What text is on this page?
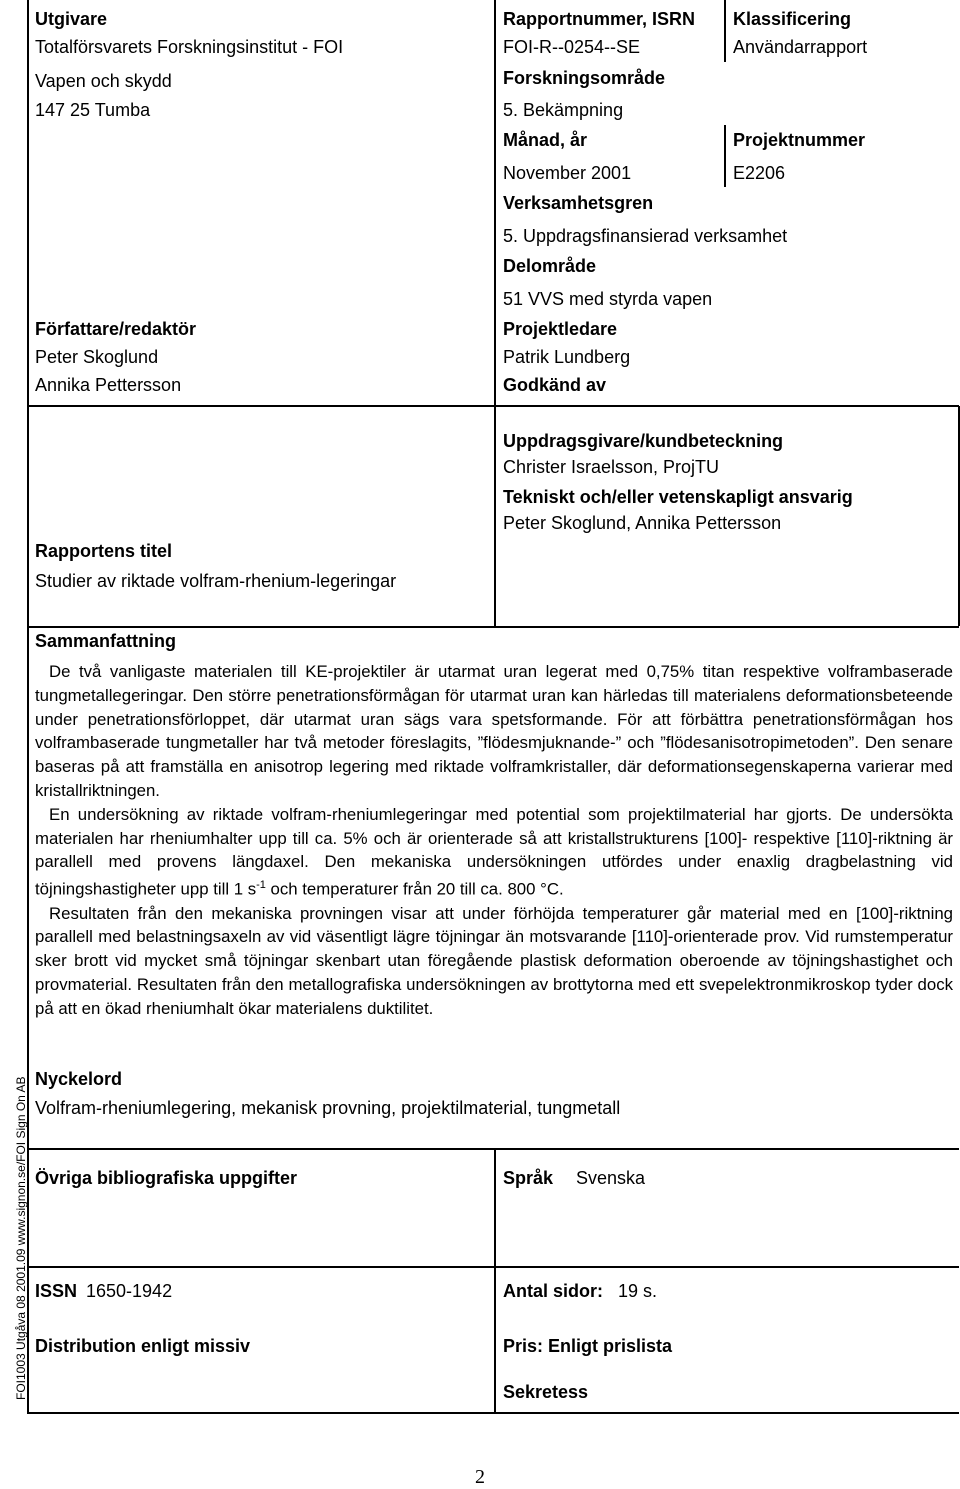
Utgivare
Totalförsvarets Forskningsinstitut - FOI
Vapen och skydd
147 25 Tumba
Rapportnummer, ISRN
FOI-R--0254--SE
Klassificering
Användarrapport
Forskningsområde
5. Bekämpning
Månad, år
November 2001
Projektnummer
E2206
Verksamhetsgren
5. Uppdragsfinansierad verksamhet
Delområde
51 VVS med styrda vapen
Författare/redaktör
Peter Skoglund
Annika Pettersson
Projektledare
Patrik Lundberg
Godkänd av
Uppdragsgivare/kundbeteckning
Christer Israelsson, ProjTU
Tekniskt och/eller vetenskapligt ansvarig
Peter Skoglund, Annika Pettersson
Rapportens titel
Studier av riktade volfram-rhenium-legeringar
Sammanfattning

De två vanligaste materialen till KE-projektiler är utarmat uran legerat med 0,75% titan respektive volframbaserade tungmetallegeringar. Den större penetrationsförmågan för utarmat uran kan härledas till materialens deformationsbeteende under penetrationsförloppet, där utarmat uran sägs vara spetsformande. För att förbättra penetrationsförmågan hos volframbaserade tungmetaller har två metoder föreslagits, ”flödesmjuknande-” och ”flödesanisotropimetoden”. Den senare baseras på att framställa en anisotrop legering med riktade volframkristaller, där deformationsegenskaperna varierar med kristallriktningen.

En undersökning av riktade volfram-rheniumlegeringar med potential som projektilmaterial har gjorts. De undersökta materialen har rheniumhalter upp till ca. 5% och är orienterade så att kristallstrukturens [100]- respektive [110]-riktning är parallell med provens längdaxel. Den mekaniska undersökningen utfördes under enaxlig dragbelastning vid töjningshastigheter upp till 1 $s^{-1}$ och temperaturer från 20 till ca. 800 °C.

Resultaten från den mekaniska provningen visar att under förhöjda temperaturer går material med en [100]-riktning parallell med belastningsaxeln av vid väsentligt lägre töjningar än motsvarande [110]-orienterade prov. Vid rumstemperatur sker brott vid mycket små töjningar skenbart utan föregående plastisk deformation oberoende av töjningshastighet och provmaterial. Resultaten från den metallografiska undersökningen av brottytorna med ett svepelektronmikroskop tyder dock på att en ökad rheniumhalt ökar materialens duktilitet.

Nyckelord
Volfram-rheniumlegering, mekanisk provning, projektilmaterial, tungmetall
Övriga bibliografiska uppgifter	Språk Svenska
ISSN 1650-1942	Antal sidor: 19 s.
Distribution enligt missiv	Pris: Enligt prislista
Sekretess
FOI1003 Utgåva 08 2001.09 www.signon.se/FOI Sign On AB
2
